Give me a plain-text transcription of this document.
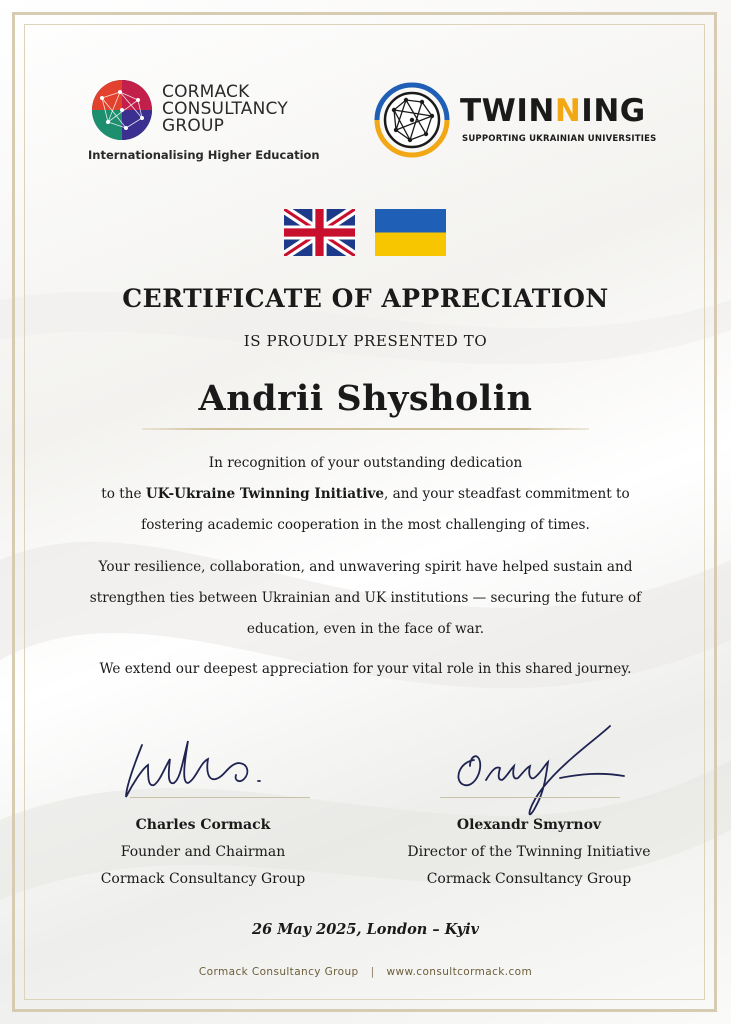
CORMACK
CONSULTANCY
GROUP
Internationalising Higher Education
TWINNING
SUPPORTING UKRAINIAN UNIVERSITIES
CERTIFICATE OF APPRECIATION
IS PROUDLY PRESENTED TO
Andrii Shysholin
In recognition of your outstanding dedication
to the UK-Ukraine Twinning Initiative, and your steadfast commitment to
fostering academic cooperation in the most challenging of times.
Your resilience, collaboration, and unwavering spirit have helped sustain and
strengthen ties between Ukrainian and UK institutions — securing the future of
education, even in the face of war.
We extend our deepest appreciation for your vital role in this shared journey.
Charles Cormack
Founder and Chairman
Cormack Consultancy Group
Olexandr Smyrnov
Director of the Twinning Initiative
Cormack Consultancy Group
26 May 2025, London – Kyiv
Cormack Consultancy Group | www.consultcormack.com
